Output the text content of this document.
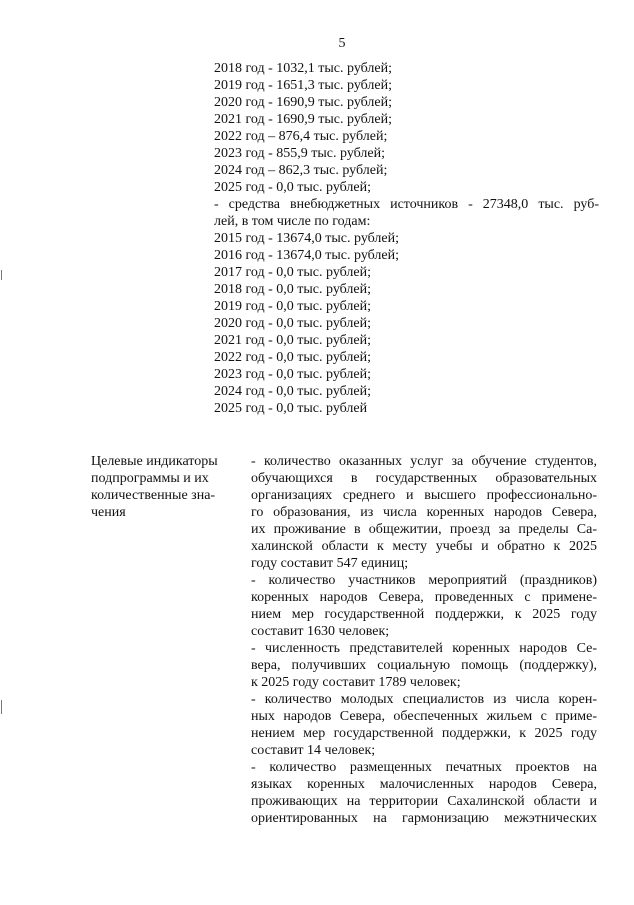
5
2018 год - 1032,1 тыс. рублей;
2019 год - 1651,3 тыс. рублей;
2020 год - 1690,9 тыс. рублей;
2021 год - 1690,9 тыс. рублей;
2022 год – 876,4 тыс. рублей;
2023 год - 855,9 тыс. рублей;
2024 год – 862,3 тыс. рублей;
2025 год - 0,0 тыс. рублей;
- средства внебюджетных источников - 27348,0 тыс. руб-
лей, в том числе по годам:
2015 год - 13674,0 тыс. рублей;
2016 год - 13674,0 тыс. рублей;
2017 год - 0,0 тыс. рублей;
2018 год - 0,0 тыс. рублей;
2019 год - 0,0 тыс. рублей;
2020 год - 0,0 тыс. рублей;
2021 год - 0,0 тыс. рублей;
2022 год - 0,0 тыс. рублей;
2023 год - 0,0 тыс. рублей;
2024 год - 0,0 тыс. рублей;
2025 год - 0,0 тыс. рублей
Целевые индикаторы
подпрограммы и их
количественные зна-
чения
- количество оказанных услуг за обучение студентов,
обучающихся в государственных образовательных
организациях среднего и высшего профессионально-
го образования, из числа коренных народов Севера,
их проживание в общежитии, проезд за пределы Са-
халинской области к месту учебы и обратно к 2025
году составит 547 единиц;
- количество участников мероприятий (праздников)
коренных народов Севера, проведенных с примене-
нием мер государственной поддержки, к 2025 году
составит 1630 человек;
- численность представителей коренных народов Се-
вера, получивших социальную помощь (поддержку),
к 2025 году составит 1789 человек;
- количество молодых специалистов из числа корен-
ных народов Севера, обеспеченных жильем с приме-
нением мер государственной поддержки, к 2025 году
составит 14 человек;
- количество размещенных печатных проектов на
языках коренных малочисленных народов Севера,
проживающих на территории Сахалинской области и
ориентированных на гармонизацию межэтнических
